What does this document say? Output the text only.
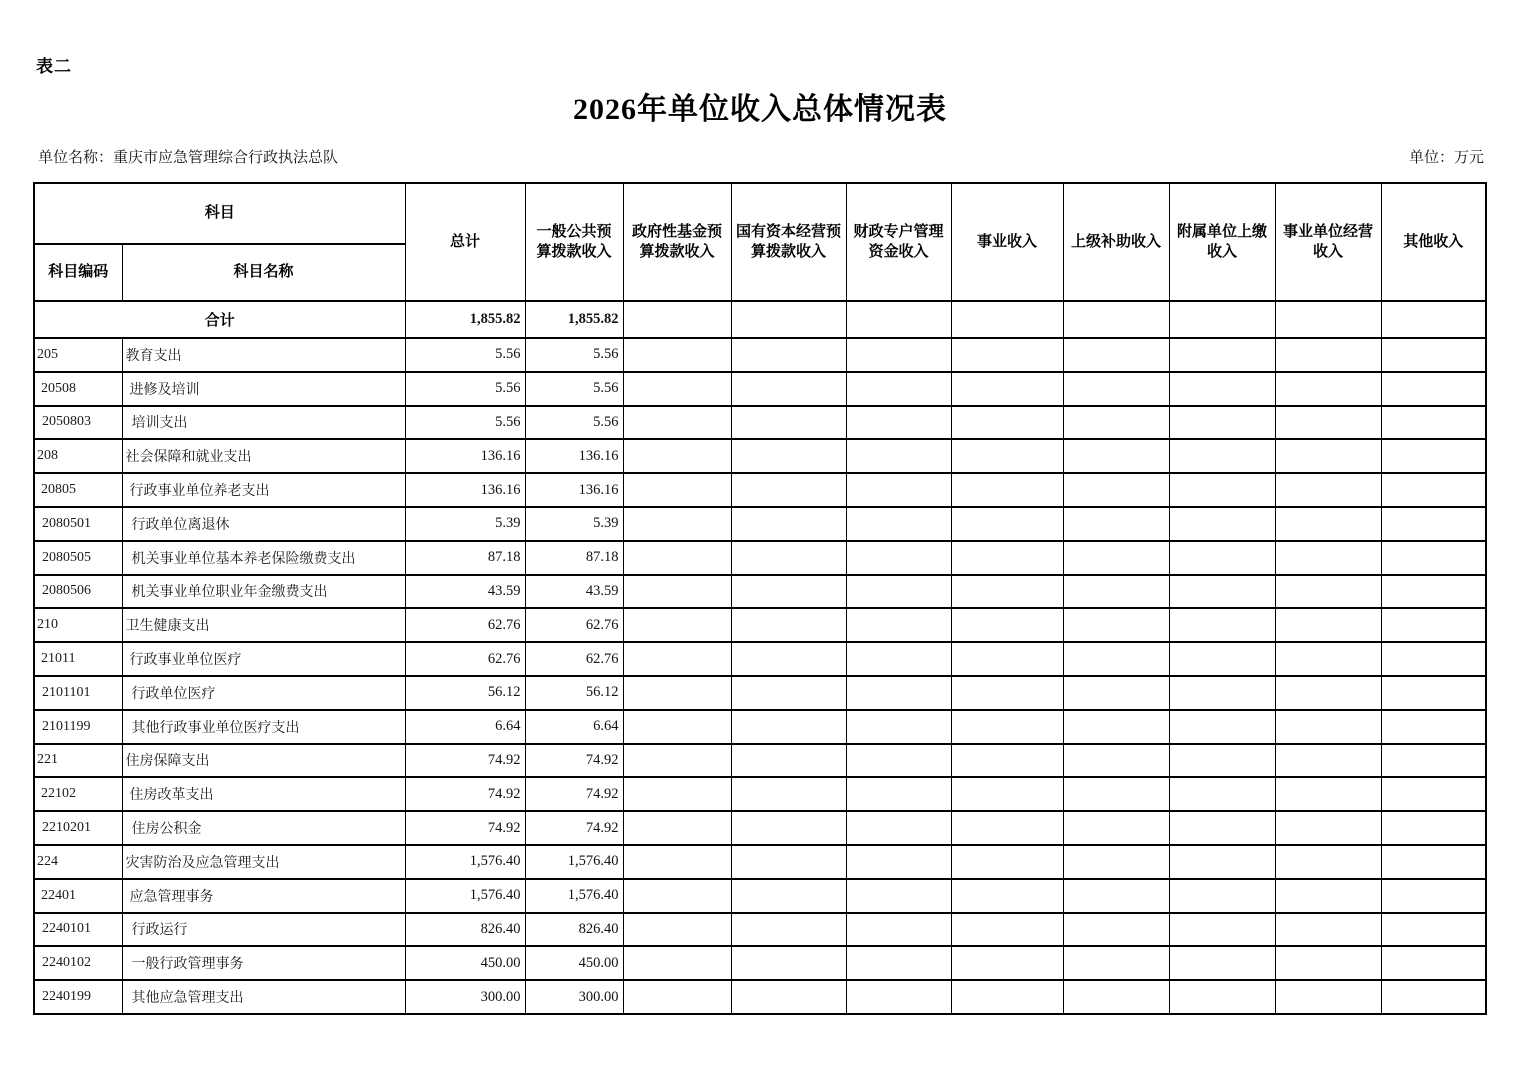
表二
2026年单位收入总体情况表
单位名称：重庆市应急管理综合行政执法总队	单位：万元
科目		总计	一般公共预算拨款收入	政府性基金预算拨款收入	国有资本经营预算拨款收入	财政专户管理资金收入	事业收入	上级补助收入	附属单位上缴收入	事业单位经营收入	其他收入
科目编码	科目名称										
合计		1,855.82	1,855.82								
205	教育支出	5.56	5.56								
20508	进修及培训	5.56	5.56								
2050803	培训支出	5.56	5.56								
208	社会保障和就业支出	136.16	136.16								
20805	行政事业单位养老支出	136.16	136.16								
2080501	行政单位离退休	5.39	5.39								
2080505	机关事业单位基本养老保险缴费支出	87.18	87.18								
2080506	机关事业单位职业年金缴费支出	43.59	43.59								
210	卫生健康支出	62.76	62.76								
21011	行政事业单位医疗	62.76	62.76								
2101101	行政单位医疗	56.12	56.12								
2101199	其他行政事业单位医疗支出	6.64	6.64								
221	住房保障支出	74.92	74.92								
22102	住房改革支出	74.92	74.92								
2210201	住房公积金	74.92	74.92								
224	灾害防治及应急管理支出	1,576.40	1,576.40								
22401	应急管理事务	1,576.40	1,576.40								
2240101	行政运行	826.40	826.40								
2240102	一般行政管理事务	450.00	450.00								
2240199	其他应急管理支出	300.00	300.00								
